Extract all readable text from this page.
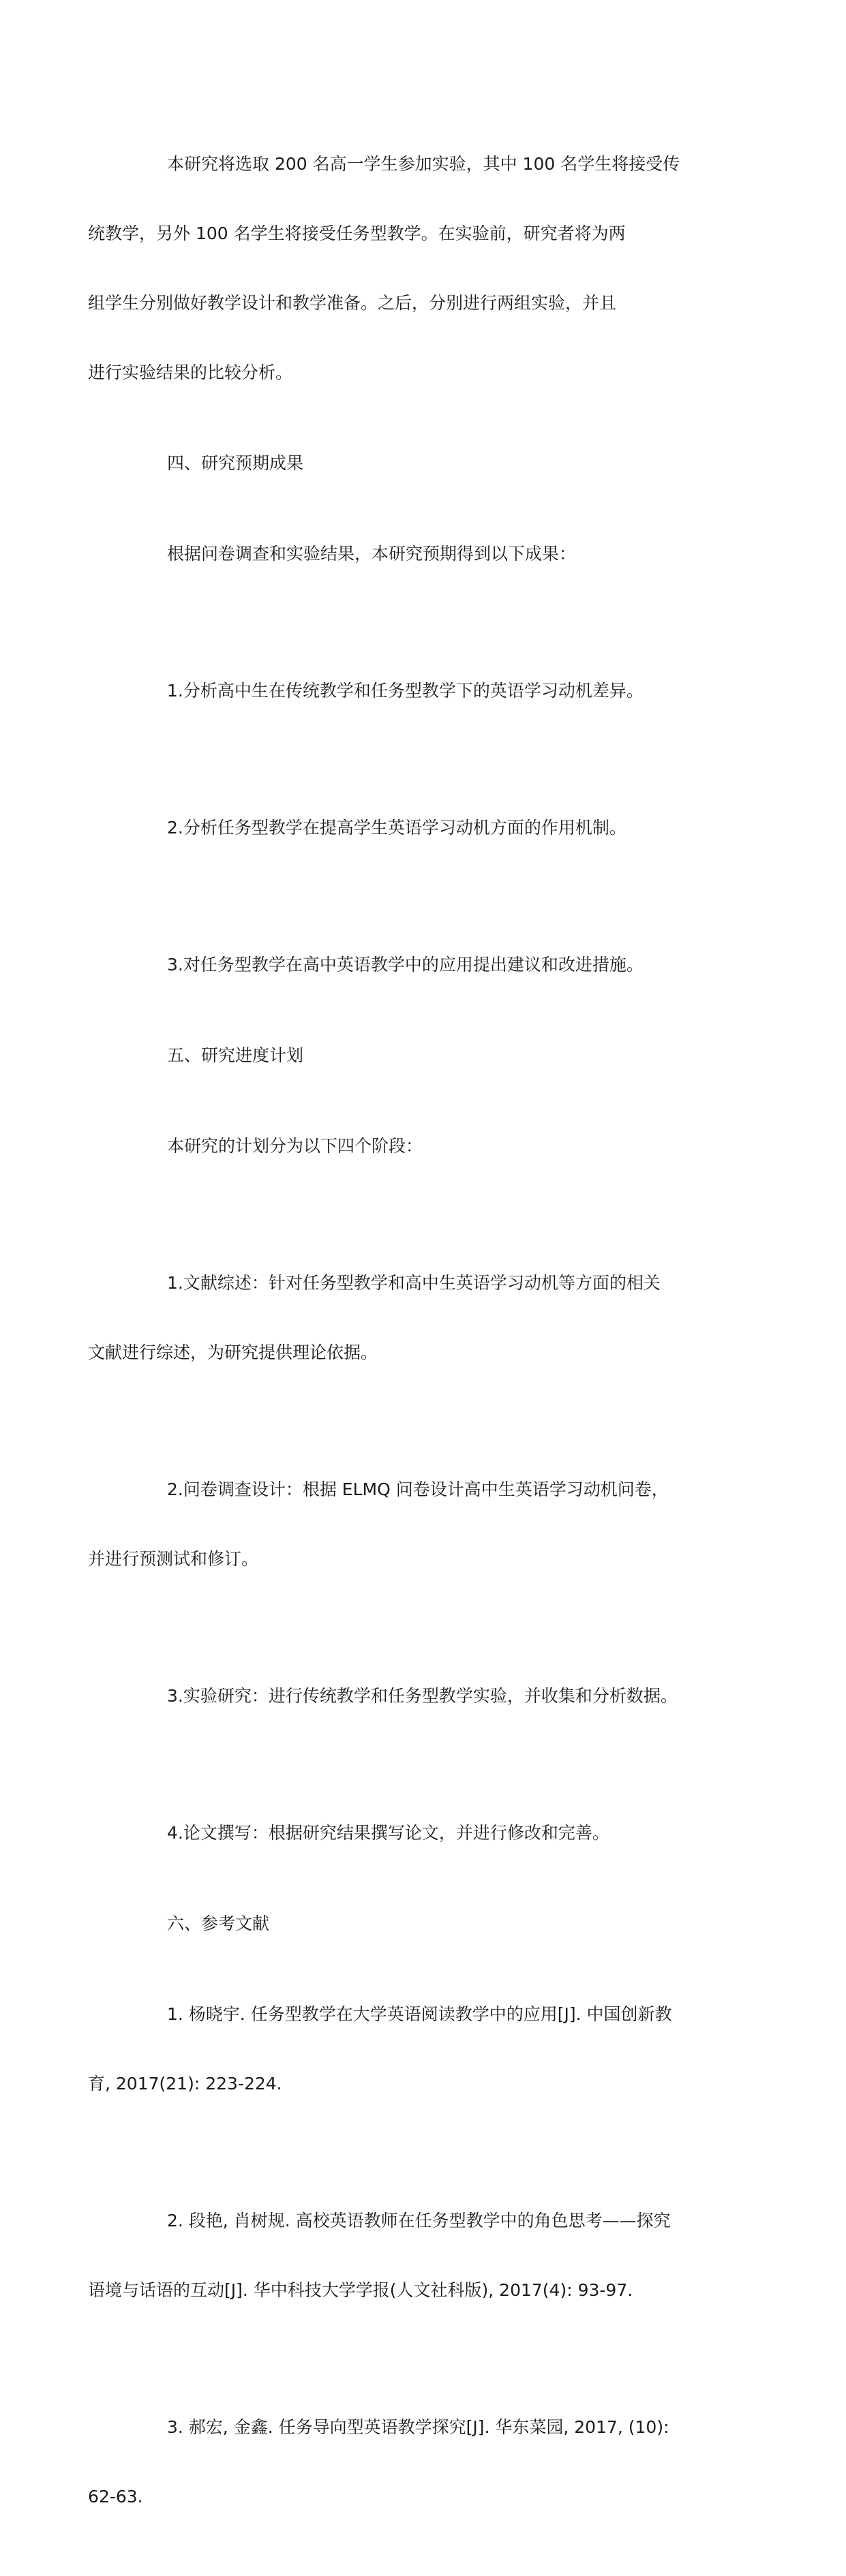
本研究将选取 200 名高一学生参加实验，其中 100 名学生将接受传

统教学，另外 100 名学生将接受任务型教学。在实验前，研究者将为两

组学生分别做好教学设计和教学准备。之后，分别进行两组实验，并且

进行实验结果的比较分析。

四、研究预期成果

根据问卷调查和实验结果，本研究预期得到以下成果：

1.分析高中生在传统教学和任务型教学下的英语学习动机差异。

2.分析任务型教学在提高学生英语学习动机方面的作用机制。

3.对任务型教学在高中英语教学中的应用提出建议和改进措施。

五、研究进度计划

本研究的计划分为以下四个阶段：

1.文献综述：针对任务型教学和高中生英语学习动机等方面的相关

文献进行综述，为研究提供理论依据。

2.问卷调查设计：根据 ELMQ 问卷设计高中生英语学习动机问卷，

并进行预测试和修订。

3.实验研究：进行传统教学和任务型教学实验，并收集和分析数据。

4.论文撰写：根据研究结果撰写论文，并进行修改和完善。

六、参考文献

1. 杨晓宇. 任务型教学在大学英语阅读教学中的应用[J]. 中国创新教

育, 2017(21): 223-224.

2. 段艳, 肖树规. 高校英语教师在任务型教学中的角色思考——探究

语境与话语的互动[J]. 华中科技大学学报(人文社科版), 2017(4): 93-97.

3. 郝宏, 金鑫. 任务导向型英语教学探究[J]. 华东菜园, 2017, (10):

62-63.
